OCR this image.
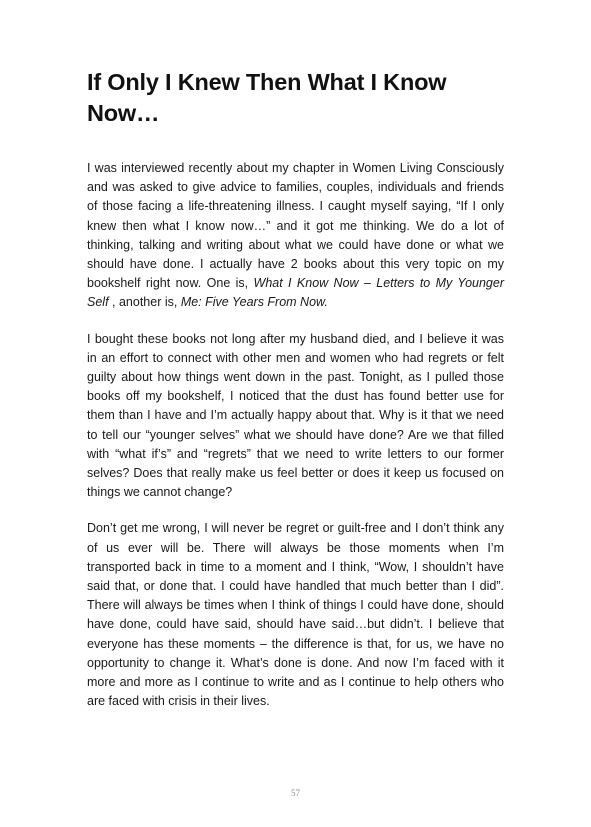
If Only I Knew Then What I Know Now…

I was interviewed recently about my chapter in Women Living Consciously and was asked to give advice to families, couples, individuals and friends of those facing a life-threatening illness. I caught myself saying, “If I only knew then what I know now…” and it got me thinking. We do a lot of thinking, talking and writing about what we could have done or what we should have done. I actually have 2 books about this very topic on my bookshelf right now. One is, What I Know Now – Letters to My Younger Self , another is, Me: Five Years From Now.

I bought these books not long after my husband died, and I believe it was in an effort to connect with other men and women who had regrets or felt guilty about how things went down in the past. Tonight, as I pulled those books off my bookshelf, I noticed that the dust has found better use for them than I have and I’m actually happy about that. Why is it that we need to tell our “younger selves” what we should have done? Are we that filled with “what if’s” and “regrets” that we need to write letters to our former selves? Does that really make us feel better or does it keep us focused on things we cannot change?

Don’t get me wrong, I will never be regret or guilt-free and I don’t think any of us ever will be. There will always be those moments when I’m transported back in time to a moment and I think, “Wow, I shouldn’t have said that, or done that. I could have handled that much better than I did”. There will always be times when I think of things I could have done, should have done, could have said, should have said…but didn’t. I believe that everyone has these moments – the difference is that, for us, we have no opportunity to change it. What’s done is done. And now I’m faced with it more and more as I continue to write and as I continue to help others who are faced with crisis in their lives.

57
